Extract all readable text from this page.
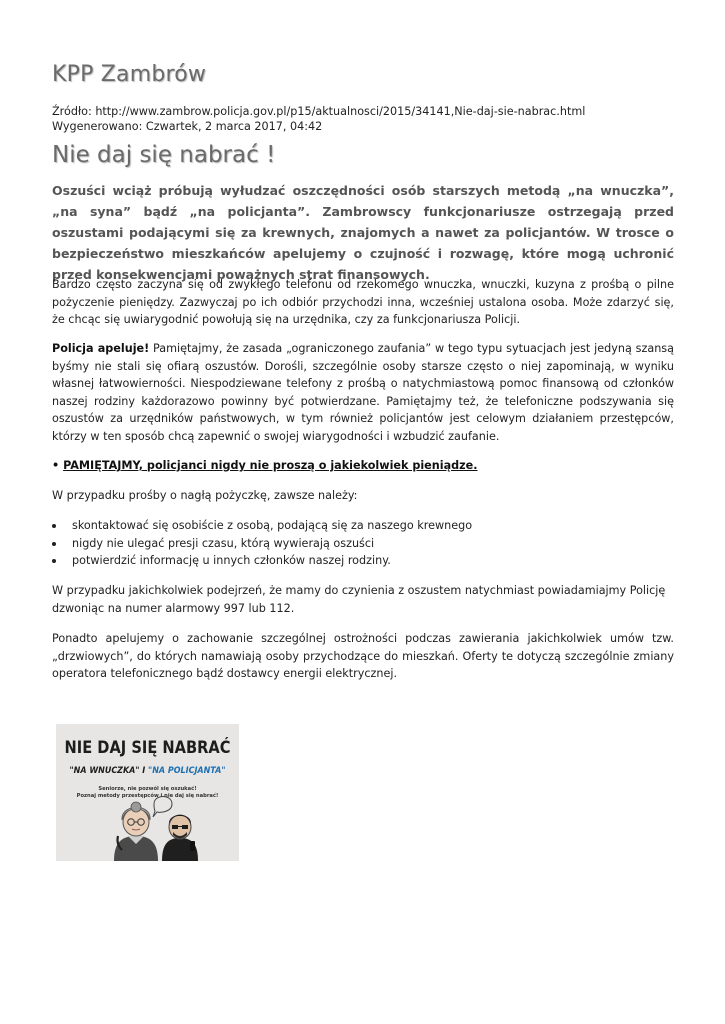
KPP Zambrów
Źródło: http://www.zambrow.policja.gov.pl/p15/aktualnosci/2015/34141,Nie-daj-sie-nabrac.html
Wygenerowano: Czwartek, 2 marca 2017, 04:42
Nie daj się nabrać !

Oszuści wciąż próbują wyłudzać oszczędności osób starszych metodą „na wnuczka”, „na syna” bądź „na policjanta”. Zambrowscy funkcjonariusze ostrzegają przed oszustami podającymi się za krewnych, znajomych a nawet za policjantów. W trosce o bezpieczeństwo mieszkańców apelujemy o czujność i rozwagę, które mogą uchronić przed konsekwencjami poważnych strat finansowych.

Bardzo często zaczyna się od zwykłego telefonu od rzekomego wnuczka, wnuczki, kuzyna z prośbą o pilne pożyczenie pieniędzy. Zazwyczaj po ich odbiór przychodzi inna, wcześniej ustalona osoba. Może zdarzyć się, że chcąc się uwiarygodnić powołują się na urzędnika, czy za funkcjonariusza Policji.

Policja apeluje! Pamiętajmy, że zasada „ograniczonego zaufania” w tego typu sytuacjach jest jedyną szansą byśmy nie stali się ofiarą oszustów. Dorośli, szczególnie osoby starsze często o niej zapominają, w wyniku własnej łatwowierności. Niespodziewane telefony z prośbą o natychmiastową pomoc finansową od członków naszej rodziny każdorazowo powinny być potwierdzane. Pamiętajmy też, że telefoniczne podszywania się oszustów za urzędników państwowych, w tym również policjantów jest celowym działaniem przestępców, którzy w ten sposób chcą zapewnić o swojej wiarygodności i wzbudzić zaufanie.

• PAMIĘTAJMY, policjanci nigdy nie proszą o jakiekolwiek pieniądze.

W przypadku prośby o nagłą pożyczkę, zawsze należy:

skontaktować się osobiście z osobą, podającą się za naszego krewnego
nigdy nie ulegać presji czasu, którą wywierają oszuści
potwierdzić informację u innych członków naszej rodziny.

W przypadku jakichkolwiek podejrzeń, że mamy do czynienia z oszustem natychmiast powiadamiajmy Policję
dzwoniąc na numer alarmowy 997 lub 112.

Ponadto apelujemy o zachowanie szczególnej ostrożności podczas zawierania jakichkolwiek umów tzw. „drzwiowych”, do których namawiają osoby przychodzące do mieszkań. Oferty te dotyczą szczególnie zmiany operatora telefonicznego bądź dostawcy energii elektrycznej.

NIE DAJ SIĘ NABRAĆ
"NA WNUCZKA" I "NA POLICJANTA"
Seniorze, nie pozwól się oszukać!
Poznaj metody przestępców i nie daj się nabrać!
